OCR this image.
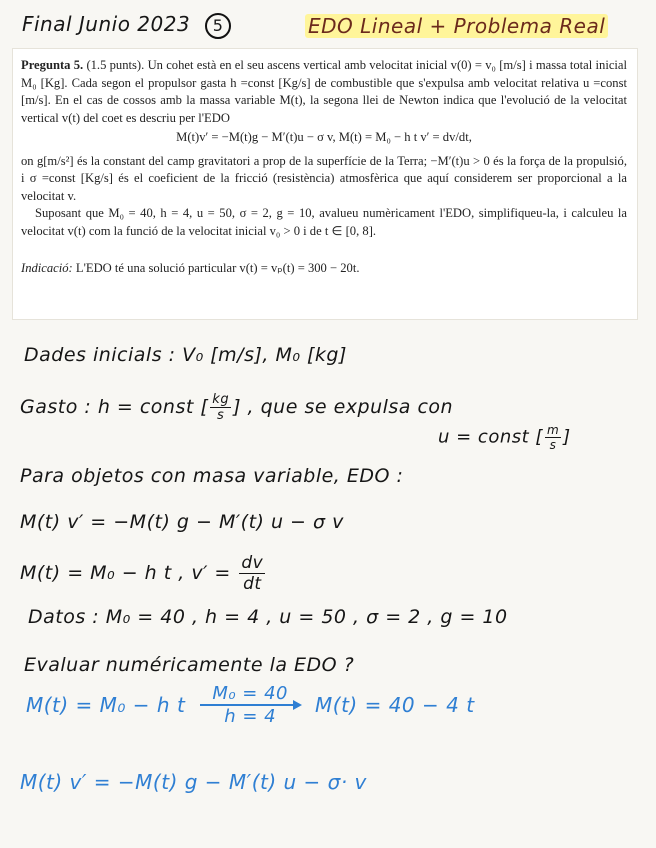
Final Junio 2023 5	EDO Lineal + Problema Real

Pregunta 5. (1.5 punts). Un cohet està en el seu ascens vertical amb velocitat inicial v(0) = v₀ [m/s] i massa total inicial M₀ [Kg]. Cada segon el propulsor gasta h =const [Kg/s] de combustible que s'expulsa amb velocitat relativa u =const [m/s]. En el cas de cossos amb la massa variable M(t), la segona llei de Newton indica que l'evolució de la velocitat vertical v(t) del coet es descriu per l'EDO

M(t)v′ = −M(t)g − M′(t)u − σ v, M(t) = M₀ − h t v′ = dv/dt,

on g[m/s²] és la constant del camp gravitatori a prop de la superfície de la Terra; −M′(t)u > 0 és la força de la propulsió, i σ =const [Kg/s] és el coeficient de la fricció (resistència) atmosfèrica que aquí considerem ser proporcional a la velocitat v.

Suposant que M₀ = 40, h = 4, u = 50, σ = 2, g = 10, avalueu numèricament l'EDO, simplifiqueu-la, i calculeu la velocitat v(t) com la funció de la velocitat inicial v₀ > 0 i de t ∈ [0, 8].

Indicació: L'EDO té una solució particular v(t) = vₚ(t) = 300 − 20t.

Dades inicials : V₀ [m/s], M₀ [kg]
Gasto : h = const [ $\frac{kg}{s}$ ] , que se expulsa con
u = const [ $\frac{m}{s}$ ]
Para objetos con masa variable, EDO :
M(t) v′ = −M(t) g − M′(t) u − σ v
M(t) = M₀ − h t , $v' = \frac{dv}{dt}$
Datos : M₀ = 40 , h = 4 , u = 50 , σ = 2 , g = 10
Evaluar numéricamente la EDO ?
M(t) = M₀ − h t $\frac{\text{M₀ = 40}}{h = 4} M(t) = 40 - 4$ t
M(t) v′ = −M(t) g − M′(t) u − σ· v
